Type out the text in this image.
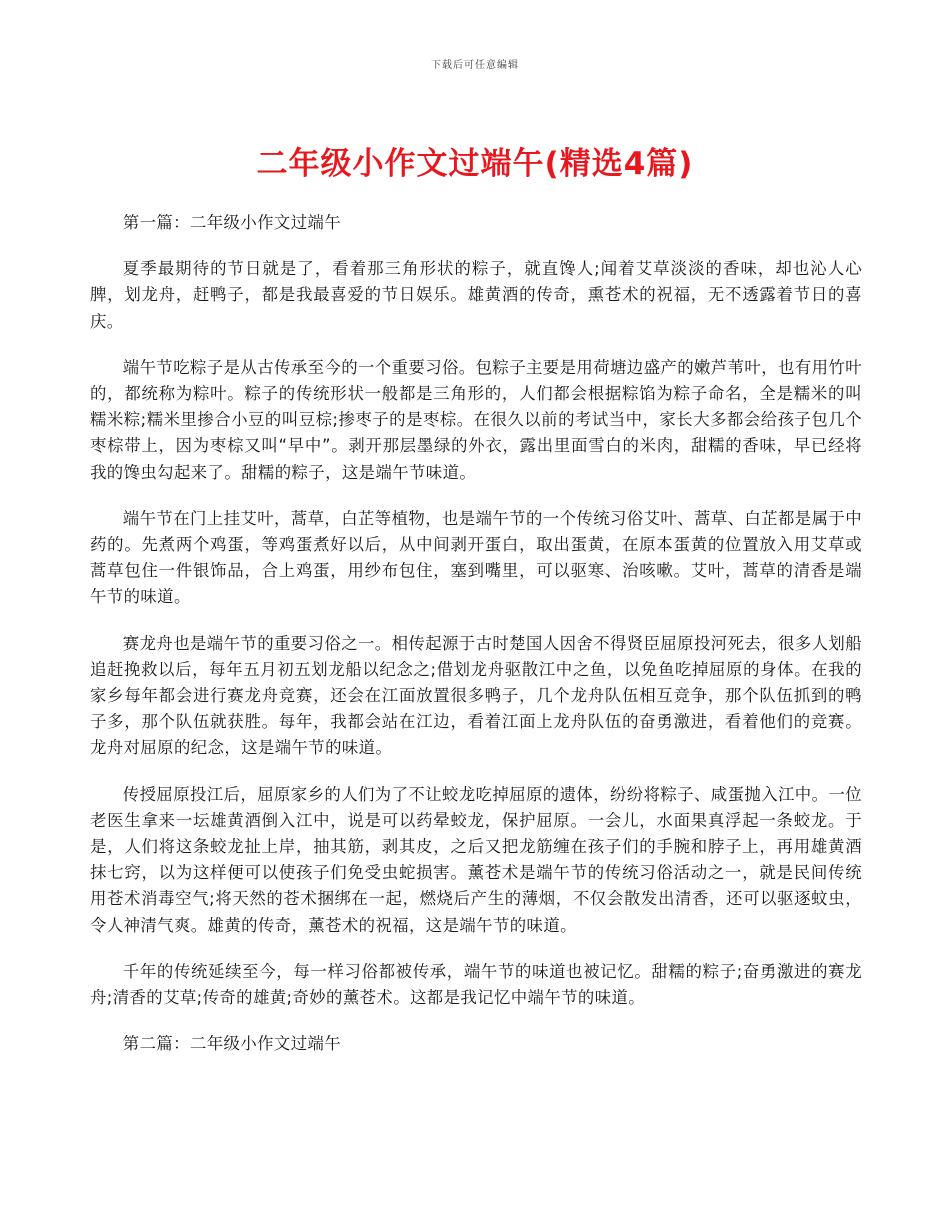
下载后可任意编辑
二年级小作文过端午(精选4篇)

第一篇：二年级小作文过端午

夏季最期待的节日就是了，看着那三角形状的粽子，就直馋人;闻着艾草淡淡的香味，却也沁人心脾，划龙舟，赶鸭子，都是我最喜爱的节日娱乐。雄黄酒的传奇，熏苍术的祝福，无不透露着节日的喜庆。

端午节吃粽子是从古传承至今的一个重要习俗。包粽子主要是用荷塘边盛产的嫩芦苇叶，也有用竹叶的，都统称为粽叶。粽子的传统形状一般都是三角形的，人们都会根据粽馅为粽子命名，全是糯米的叫糯米粽;糯米里掺合小豆的叫豆棕;掺枣子的是枣棕。在很久以前的考试当中，家长大多都会给孩子包几个枣棕带上，因为枣棕又叫“早中”。剥开那层墨绿的外衣，露出里面雪白的米肉，甜糯的香味，早已经将我的馋虫勾起来了。甜糯的粽子，这是端午节味道。

端午节在门上挂艾叶，蒿草，白芷等植物，也是端午节的一个传统习俗艾叶、蒿草、白芷都是属于中药的。先煮两个鸡蛋，等鸡蛋煮好以后，从中间剥开蛋白，取出蛋黄，在原本蛋黄的位置放入用艾草或蒿草包住一件银饰品，合上鸡蛋，用纱布包住，塞到嘴里，可以驱寒、治咳嗽。艾叶，蒿草的清香是端午节的味道。

赛龙舟也是端午节的重要习俗之一。相传起源于古时楚国人因舍不得贤臣屈原投河死去，很多人划船追赶挽救以后，每年五月初五划龙船以纪念之;借划龙舟驱散江中之鱼，以免鱼吃掉屈原的身体。在我的家乡每年都会进行赛龙舟竞赛，还会在江面放置很多鸭子，几个龙舟队伍相互竞争，那个队伍抓到的鸭子多，那个队伍就获胜。每年，我都会站在江边，看着江面上龙舟队伍的奋勇激进，看着他们的竞赛。龙舟对屈原的纪念，这是端午节的味道。

传授屈原投江后，屈原家乡的人们为了不让蛟龙吃掉屈原的遗体，纷纷将粽子、咸蛋抛入江中。一位老医生拿来一坛雄黄酒倒入江中，说是可以药晕蛟龙，保护屈原。一会儿，水面果真浮起一条蛟龙。于是，人们将这条蛟龙扯上岸，抽其筋，剥其皮，之后又把龙筋缠在孩子们的手腕和脖子上，再用雄黄酒抹七窍，以为这样便可以使孩子们免受虫蛇损害。薰苍术是端午节的传统习俗活动之一，就是民间传统用苍术消毒空气;将天然的苍术捆绑在一起，燃烧后产生的薄烟，不仅会散发出清香，还可以驱逐蚊虫，令人神清气爽。雄黄的传奇，薰苍术的祝福，这是端午节的味道。

千年的传统延续至今，每一样习俗都被传承，端午节的味道也被记忆。甜糯的粽子;奋勇激进的赛龙舟;清香的艾草;传奇的雄黄;奇妙的薰苍术。这都是我记忆中端午节的味道。

第二篇：二年级小作文过端午
